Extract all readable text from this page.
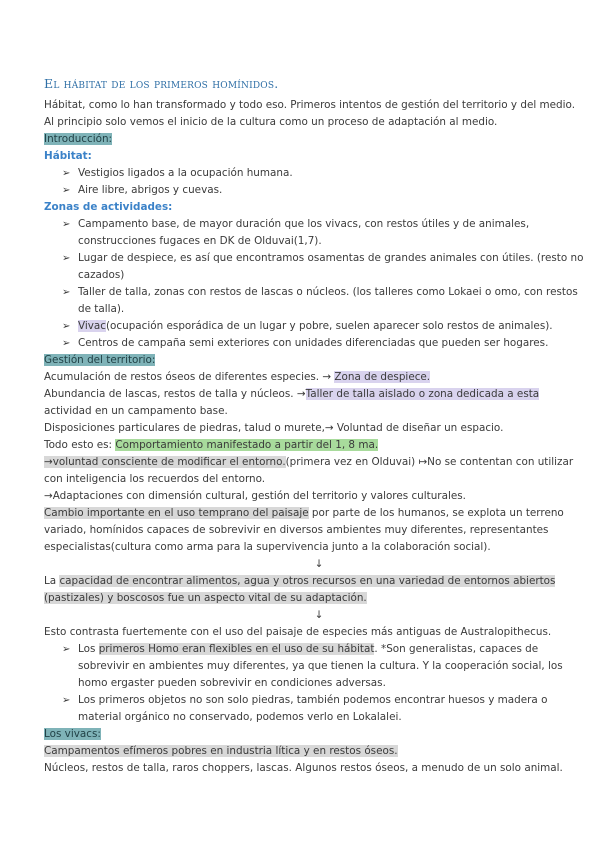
El hábitat de los primeros homínidos.
Hábitat, como lo han transformado y todo eso. Primeros intentos de gestión del territorio y del medio.
Al principio solo vemos el inicio de la cultura como un proceso de adaptación al medio.
Introducción:
Hábitat:
➢ Vestigios ligados a la ocupación humana.
➢ Aire libre, abrigos y cuevas.
Zonas de actividades:
➢ Campamento base, de mayor duración que los vivacs, con restos útiles y de animales,
construcciones fugaces en DK de Olduvai(1,7).
➢ Lugar de despiece, es así que encontramos osamentas de grandes animales con útiles. (resto no
cazados)
➢ Taller de talla, zonas con restos de lascas o núcleos. (los talleres como Lokaei o omo, con restos
de talla).
➢ Vivac(ocupación esporádica de un lugar y pobre, suelen aparecer solo restos de animales).
➢ Centros de campaña semi exteriores con unidades diferenciadas que pueden ser hogares.
Gestión del territorio:
Acumulación de restos óseos de diferentes especies. → Zona de despiece.
Abundancia de lascas, restos de talla y núcleos. →Taller de talla aislado o zona dedicada a esta
actividad en un campamento base.
Disposiciones particulares de piedras, talud o murete,→ Voluntad de diseñar un espacio.
Todo esto es: Comportamiento manifestado a partir del 1, 8 ma.
→voluntad consciente de modificar el entorno.(primera vez en Olduvai) ↦No se contentan con utilizar
con inteligencia los recuerdos del entorno.
→Adaptaciones con dimensión cultural, gestión del territorio y valores culturales.
Cambio importante en el uso temprano del paisaje por parte de los humanos, se explota un terreno
variado, homínidos capaces de sobrevivir en diversos ambientes muy diferentes, representantes
especialistas(cultura como arma para la supervivencia junto a la colaboración social).
↓
La capacidad de encontrar alimentos, agua y otros recursos en una variedad de entornos abiertos
(pastizales) y boscosos fue un aspecto vital de su adaptación.
↓
Esto contrasta fuertemente con el uso del paisaje de especies más antiguas de Australopithecus.
➢ Los primeros Homo eran flexibles en el uso de su hábitat. *Son generalistas, capaces de
sobrevivir en ambientes muy diferentes, ya que tienen la cultura. Y la cooperación social, los
homo ergaster pueden sobrevivir en condiciones adversas.
➢ Los primeros objetos no son solo piedras, también podemos encontrar huesos y madera o
material orgánico no conservado, podemos verlo en Lokalalei.
Los vivacs:
Campamentos efímeros pobres en industria lítica y en restos óseos.
Núcleos, restos de talla, raros choppers, lascas. Algunos restos óseos, a menudo de un solo animal.
